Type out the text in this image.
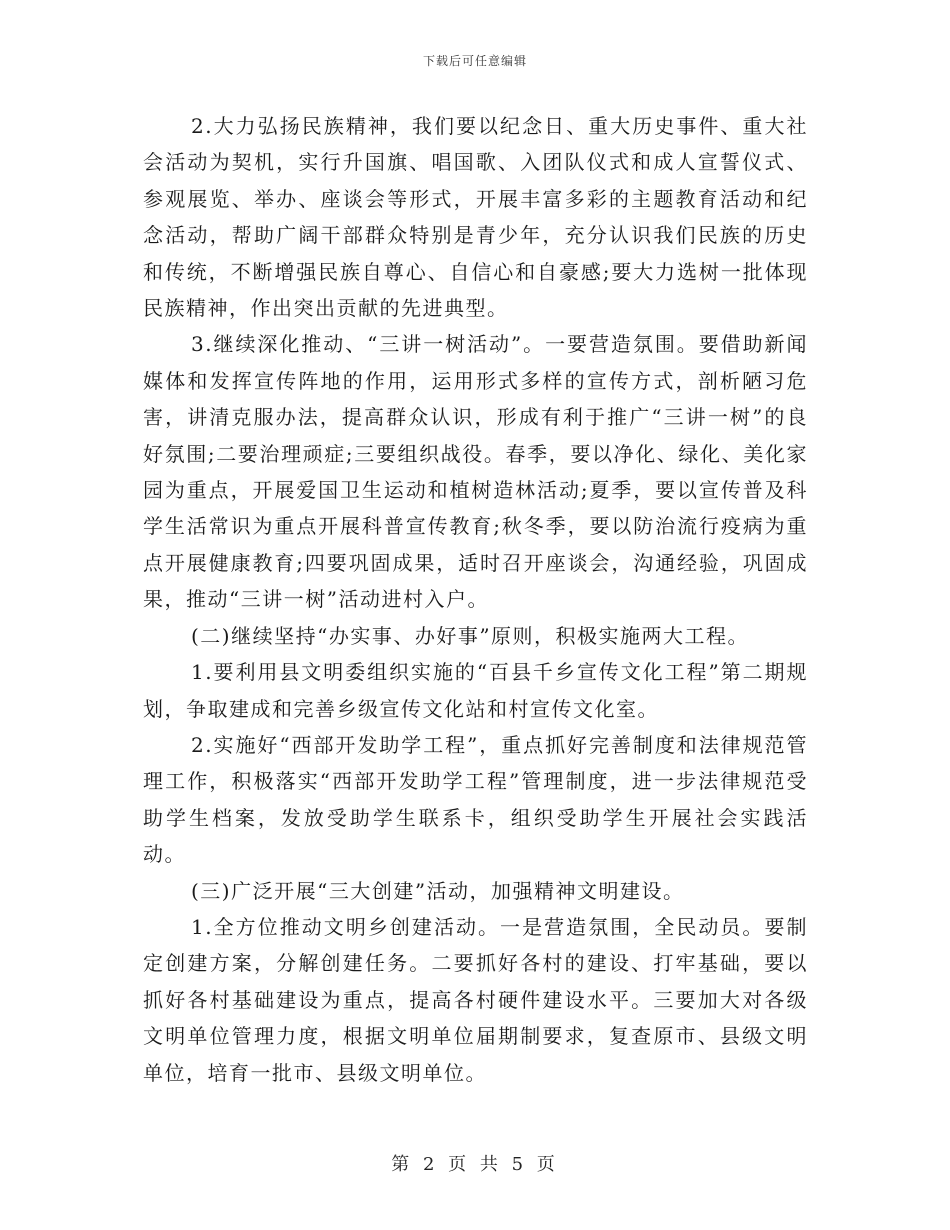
下载后可任意编辑

2.大力弘扬民族精神，我们要以纪念日、重大历史事件、重大社会活动为契机，实行升国旗、唱国歌、入团队仪式和成人宣誓仪式、参观展览、举办、座谈会等形式，开展丰富多彩的主题教育活动和纪念活动，帮助广阔干部群众特别是青少年，充分认识我们民族的历史和传统，不断增强民族自尊心、自信心和自豪感;要大力选树一批体现民族精神，作出突出贡献的先进典型。

3.继续深化推动、“三讲一树活动”。一要营造氛围。要借助新闻媒体和发挥宣传阵地的作用，运用形式多样的宣传方式，剖析陋习危害，讲清克服办法，提高群众认识，形成有利于推广“三讲一树”的良好氛围;二要治理顽症;三要组织战役。春季，要以净化、绿化、美化家园为重点，开展爱国卫生运动和植树造林活动;夏季，要以宣传普及科学生活常识为重点开展科普宣传教育;秋冬季，要以防治流行疫病为重点开展健康教育;四要巩固成果，适时召开座谈会，沟通经验，巩固成果，推动“三讲一树”活动进村入户。

(二)继续坚持“办实事、办好事”原则，积极实施两大工程。

1.要利用县文明委组织实施的“百县千乡宣传文化工程”第二期规划，争取建成和完善乡级宣传文化站和村宣传文化室。

2.实施好“西部开发助学工程”，重点抓好完善制度和法律规范管理工作，积极落实“西部开发助学工程”管理制度，进一步法律规范受助学生档案，发放受助学生联系卡，组织受助学生开展社会实践活动。

(三)广泛开展“三大创建”活动，加强精神文明建设。

1.全方位推动文明乡创建活动。一是营造氛围，全民动员。要制定创建方案，分解创建任务。二要抓好各村的建设、打牢基础，要以抓好各村基础建设为重点，提高各村硬件建设水平。三要加大对各级文明单位管理力度，根据文明单位届期制要求，复查原市、县级文明单位，培育一批市、县级文明单位。

第 2 页 共 5 页
